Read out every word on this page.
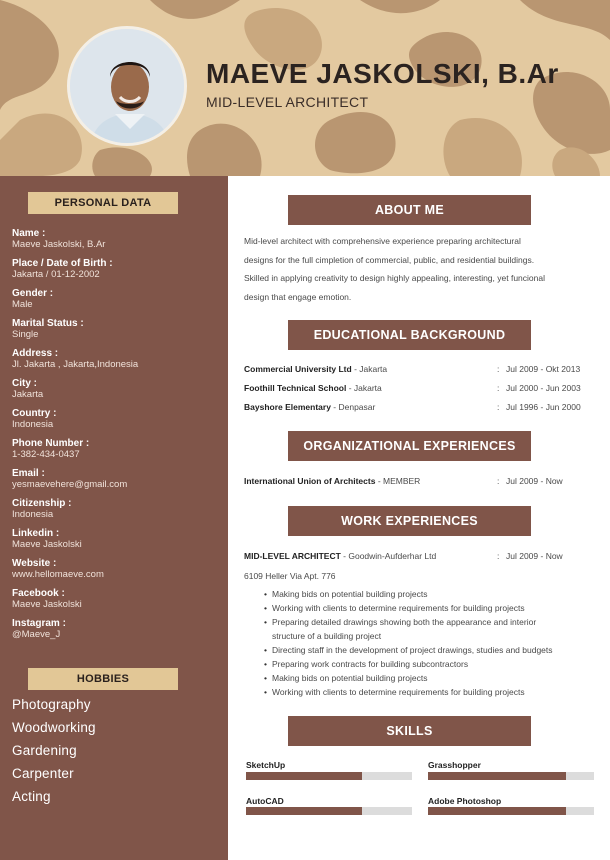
MAEVE JASKOLSKI, B.Ar
MID-LEVEL ARCHITECT
PERSONAL DATA
Name :
Maeve Jaskolski, B.Ar
Place / Date of Birth :
Jakarta / 01-12-2002
Gender :
Male
Marital Status :
Single
Address :
Jl. Jakarta , Jakarta,Indonesia
City :
Jakarta
Country :
Indonesia
Phone Number :
1-382-434-0437
Email :
yesmaevehere@gmail.com
Citizenship :
Indonesia
Linkedin :
Maeve Jaskolski
Website :
www.hellomaeve.com
Facebook :
Maeve Jaskolski
Instagram :
@Maeve_J
HOBBIES
Photography
Woodworking
Gardening
Carpenter
Acting
ABOUT ME
Mid-level architect with comprehensive experience preparing architectural
designs for the full cimpletion of commercial, public, and residential buildings.
Skilled in applying creativity to design highly appealing, interesting, yet funcional
design that engage emotion.
EDUCATIONAL BACKGROUND
Commercial University Ltd - Jakarta	: Jul 2009 - Okt 2013
Foothill Technical School - Jakarta	: Jul 2000 - Jun 2003
Bayshore Elementary - Denpasar	: Jul 1996 - Jun 2000
ORGANIZATIONAL EXPERIENCES
International Union of Architects - MEMBER	: Jul 2009 - Now
WORK EXPERIENCES
MID-LEVEL ARCHITECT - Goodwin-Aufderhar Ltd	: Jul 2009 - Now
6109 Heller Via Apt. 776
• Making bids on potential building projects
• Working with clients to determine requirements for building projects
• Preparing detailed drawings showing both the appearance and interior
structure of a building project
• Directing staff in the development of project drawings, studies and budgets
• Preparing work contracts for building subcontractors
• Making bids on potential building projects
• Working with clients to determine requirements for building projects
SKILLS
SketchUp	Grasshopper
AutoCAD	Adobe Photoshop
